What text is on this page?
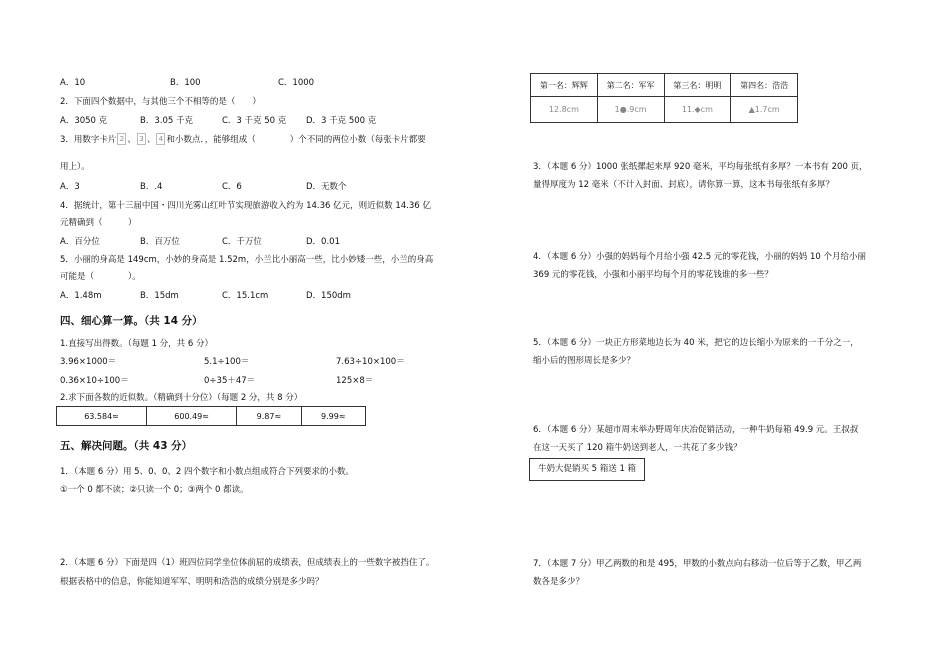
A．10	B．100	C．1000
2．下面四个数据中，与其他三个不相等的是（　　）
A．3050 克	B．3.05 千克	C．3 千克 50 克 D．3 千克 500 克
3．用数字卡片 2 、 3 、 4 和小数点．，能够组成（　　　　）个不同的两位小数（每张卡片都要
用上）。
A．3	B．.4	C．6	D．无数个
4．据统计，第十三届中国・四川光雾山红叶节实现旅游收入约为 14.36 亿元，则近似数 14.36 亿
元精确到（　　　）
A．百分位	B．百万位	C．千万位	D．0.01
5．小丽的身高是 149cm，小妙的身高是 1.52m，小兰比小丽高一些，比小妙矮一些，小兰的身高
可能是（　　　　）。
A．1.48m	B．15dm	C．15.1cm	D．150dm
四、细心算一算。（共 14 分）
1.直接写出得数。（每题 1 分，共 6 分）
3.96×1000＝	5.1÷100＝	7.63÷10×100＝
0.36×10÷100＝	0÷35＋47＝	125×8＝
2.求下面各数的近似数。（精确到十分位）（每题 2 分，共 8 分）
63.584≈	600.49≈	9.87≈	9.99≈
五、解决问题。（共 43 分）
1．（本题 6 分）用 5、0、0、2 四个数字和小数点组成符合下列要求的小数。
①一个 0 都不读；②只读一个 0；③两个 0 都读。
2．（本题 6 分）下面是四（1）班四位同学坐位体前屈的成绩表，但成绩表上的一些数字被挡住了。
根据表格中的信息，你能知道军军、明明和浩浩的成绩分别是多少吗？
第一名：辉辉	第二名：军军	第三名：明明	第四名：浩浩
12.8cm	1●.9cm	11.◆cm	▲1.7cm
3．（本题 6 分）1000 张纸摞起来厚 920 毫米，平均每张纸有多厚？一本书有 200 页，
量得厚度为 12 毫米（不计入封面、封底），请你算一算，这本书每张纸有多厚？
4．（本题 6 分）小强的妈妈每个月给小强 42.5 元的零花钱，小丽的妈妈 10 个月给小丽
369 元的零花钱，小强和小丽平均每个月的零花钱谁的多一些？
5．（本题 6 分）一块正方形菜地边长为 40 米，把它的边长缩小为原来的一千分之一，
缩小后的图形周长是多少？
6．（本题 6 分）某超市周末举办野周年庆冶促销活动，一种牛奶每箱 49.9 元。王叔叔
在这一天买了 120 箱牛奶送到老人，一共花了多少钱？
牛奶大促销买 5 箱送 1 箱
7．（本题 7 分）甲乙两数的和是 495，甲数的小数点向右移动一位后等于乙数，甲乙两
数各是多少？
